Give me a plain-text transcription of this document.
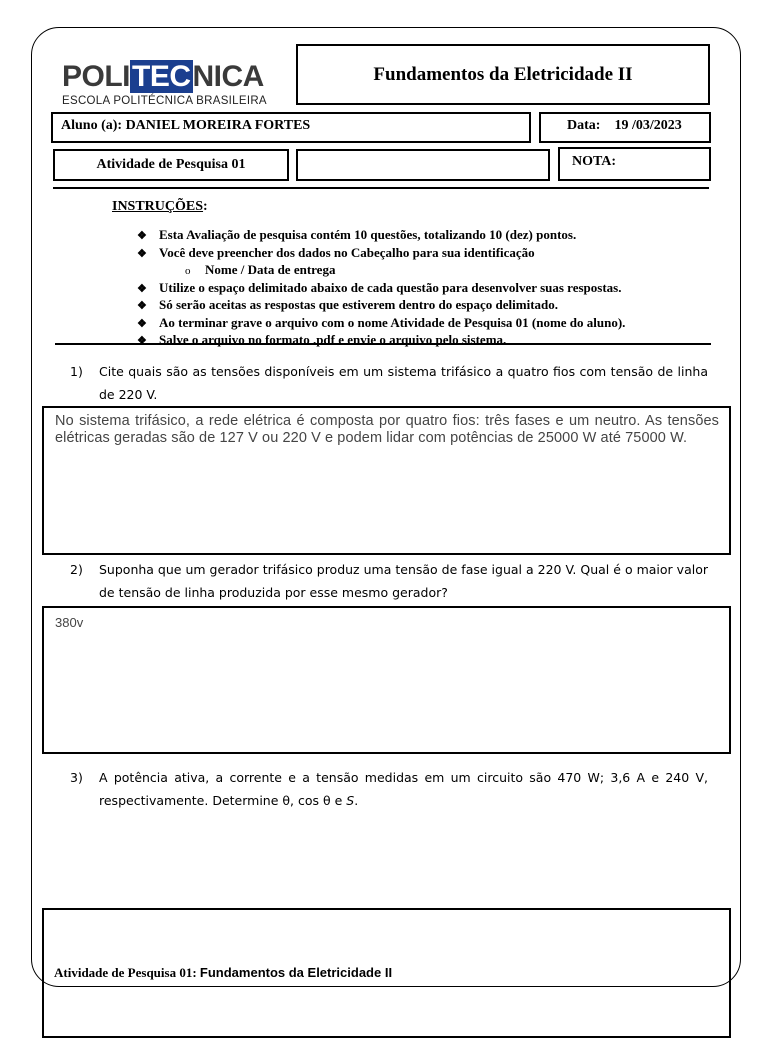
POLITECNICA
ESCOLA POLITÉCNICA BRASILEIRA
Fundamentos da Eletricidade II
Aluno (a): DANIEL MOREIRA FORTES	Data: 19 /03/2023
Atividade de Pesquisa 01	NOTA:
INSTRUÇÕES:
❖ Esta Avaliação de pesquisa contém 10 questões, totalizando 10 (dez) pontos.
❖ Você deve preencher dos dados no Cabeçalho para sua identificação
o Nome / Data de entrega
❖ Utilize o espaço delimitado abaixo de cada questão para desenvolver suas respostas.
❖ Só serão aceitas as respostas que estiverem dentro do espaço delimitado.
❖ Ao terminar grave o arquivo com o nome Atividade de Pesquisa 01 (nome do aluno).
❖ Salve o arquivo no formato .pdf e envie o arquivo pelo sistema.
1)	Cite quais são as tensões disponíveis em um sistema trifásico a quatro fios com tensão de linha de 220 V.
No sistema trifásico, a rede elétrica é composta por quatro fios: três fases e um neutro. As tensões elétricas geradas são de 127 V ou 220 V e podem lidar com potências de 25000 W até 75000 W.
2)	Suponha que um gerador trifásico produz uma tensão de fase igual a 220 V. Qual é o maior valor de tensão de linha produzida por esse mesmo gerador?
380v
3)	A potência ativa, a corrente e a tensão medidas em um circuito são 470 W; 3,6 A e 240 V, respectivamente. Determine θ, cos θ e S.
Atividade de Pesquisa 01: Fundamentos da Eletricidade II
